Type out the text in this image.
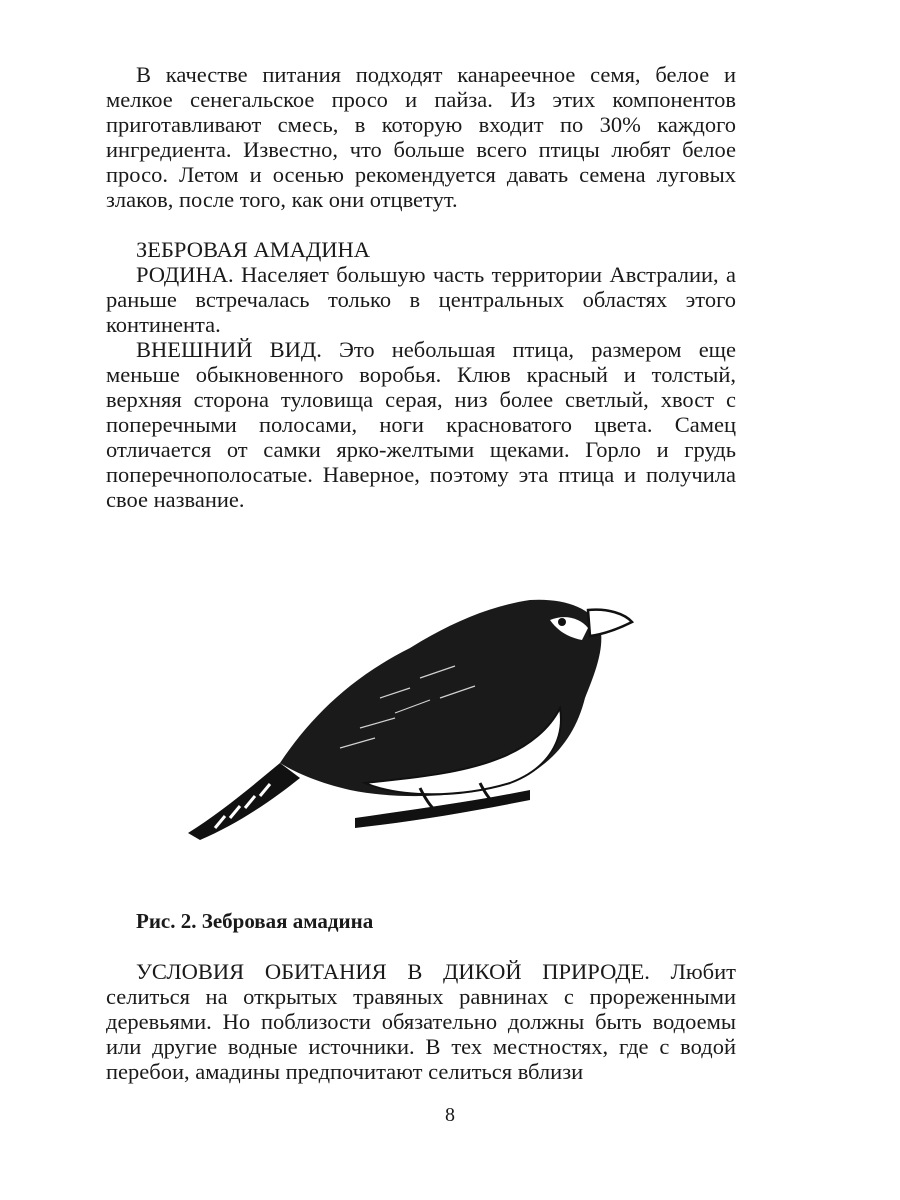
В качестве питания подходят канареечное семя, белое и мелкое сенегальское просо и пайза. Из этих компонентов приготавливают смесь, в которую входит по 30% каждого ингредиента. Известно, что больше всего птицы любят белое просо. Летом и осенью рекомендуется давать семена луговых злаков, после того, как они отцветут.

ЗЕБРОВАЯ АМАДИНА

РОДИНА. Населяет большую часть территории Австралии, а раньше встречалась только в центральных областях этого континента.

ВНЕШНИЙ ВИД. Это небольшая птица, размером еще меньше обыкновенного воробья. Клюв красный и толстый, верхняя сторона туловища серая, низ более светлый, хвост с поперечными полосами, ноги красноватого цвета. Самец отличается от самки ярко-желтыми щеками. Горло и грудь поперечнополосатые. Наверное, поэтому эта птица и получила свое название.

Рис. 2. Зебровая амадина

УСЛОВИЯ ОБИТАНИЯ В ДИКОЙ ПРИРОДЕ. Любит селиться на открытых травяных равнинах с прореженными деревьями. Но поблизости обязательно должны быть водоемы или другие водные источники. В тех местностях, где с водой перебои, амадины предпочитают селиться вблизи

8
